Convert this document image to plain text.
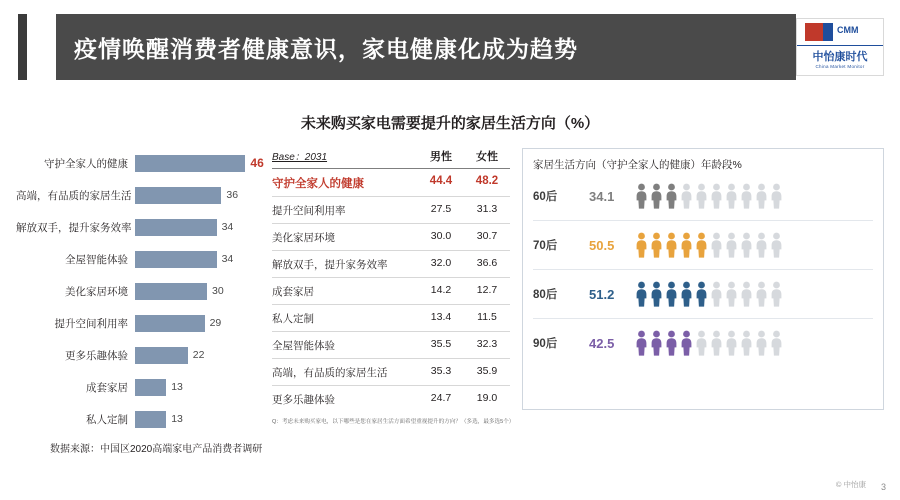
疫情唤醒消费者健康意识，家电健康化成为趋势
CMM
中怡康时代
China Market Monitor
未来购买家电需要提升的家居生活方向（%）
守护全家人的健康	46
高端，有品质的家居生活	36
解放双手，提升家务效率	34
全屋智能体验	34
美化家居环境	30
提升空间利用率	29
更多乐趣体验	22
成套家居	13
私人定制	13
数据来源：中国区2020高端家电产品消费者调研
Base：2031	男性	女性
守护全家人的健康	44.4	48.2
提升空间利用率	27.5	31.3
美化家居环境	30.0	30.7
解放双手，提升家务效率	32.0	36.6
成套家居	14.2	12.7
私人定制	13.4	11.5
全屋智能体验	35.5	32.3
高端，有品质的家居生活	35.3	35.9
更多乐趣体验	24.7	19.0
Q：考虑未来购买家电，以下哪些是您在家居生活方面希望重视提升的方向？（多选，最多选5个）
家居生活方向（守护全家人的健康）年龄段%
60后	34.1
70后	50.5
80后	51.2
90后	42.5
© 中怡康 3
